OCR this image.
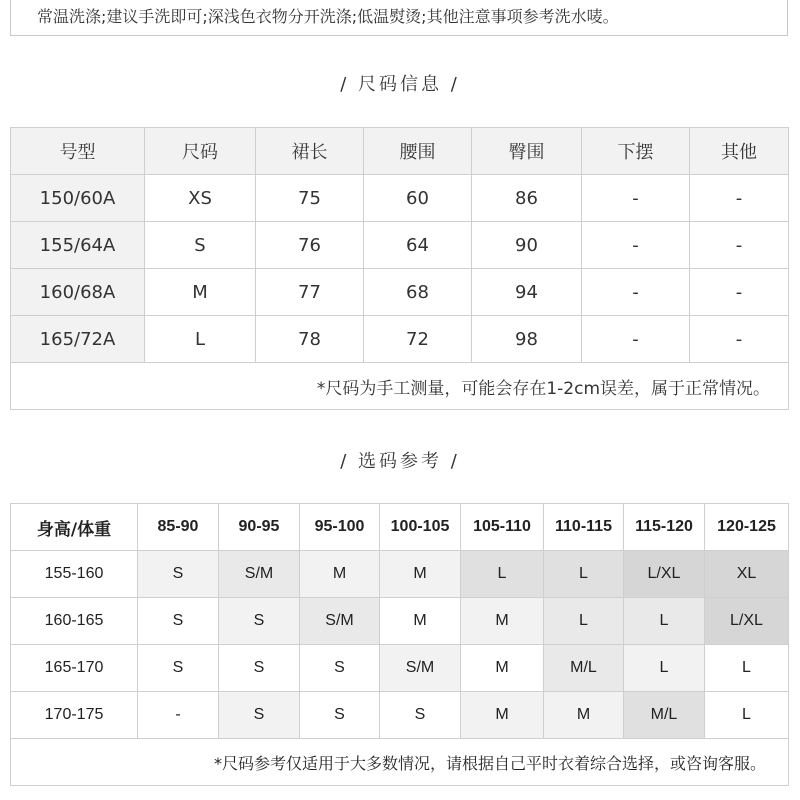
常温洗涤;建议手洗即可;深浅色衣物分开洗涤;低温熨烫;其他注意事项参考洗水唛。
/ 尺码信息 /
号型	尺码	裙长	腰围	臀围	下摆	其他
150/60A	XS	75	60	86	-	-
155/64A	S	76	64	90	-	-
160/68A	M	77	68	94	-	-
165/72A	L	78	72	98	-	-
*尺码为手工测量，可能会存在1-2cm误差，属于正常情况。						
/ 选码参考 /
身高/体重	85-90	90-95	95-100	100-105	105-110	110-115	115-120	120-125
155-160	S	S/M	M	M	L	L	L/XL	XL
160-165	S	S	S/M	M	M	L	L	L/XL
165-170	S	S	S	S/M	M	M/L	L	L
170-175	-	S	S	S	M	M	M/L	L
*尺码参考仅适用于大多数情况，请根据自己平时衣着综合选择，或咨询客服。								
